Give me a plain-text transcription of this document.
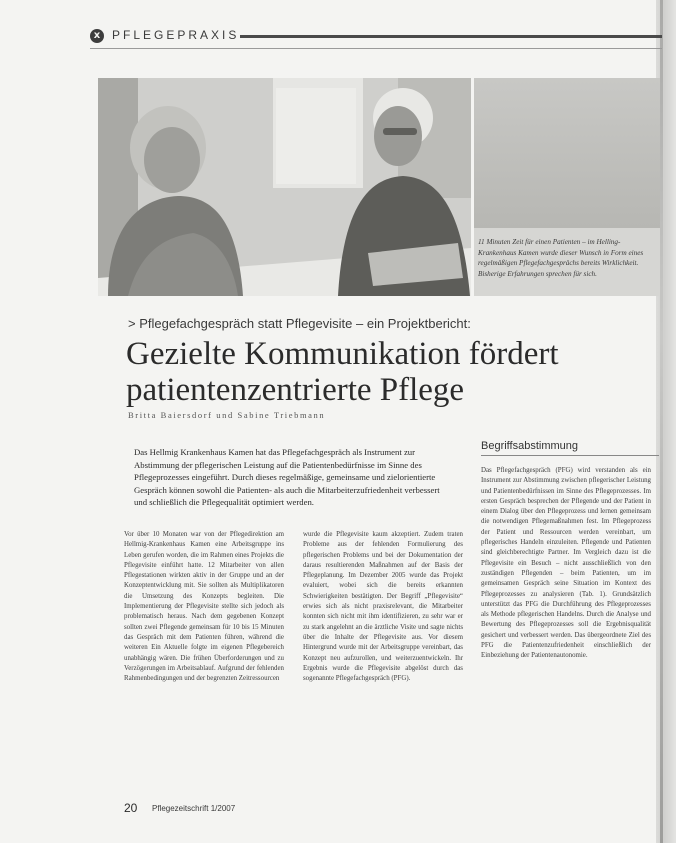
x PFLEGEPRAXIS
11 Minuten Zeit für einen Patienten – im Helling-Krankenhaus Kamen wurde dieser Wunsch in Form eines regelmäßigen Pflegefachgesprächs bereits Wirklichkeit. Bisherige Erfahrungen sprechen für sich.
> Pflegefachgespräch statt Pflegevisite – ein Projektbericht:
Gezielte Kommunikation fördert patientenzentrierte Pflege
Britta Baiersdorf und Sabine Triebmann
Das Hellmig Krankenhaus Kamen hat das Pflegefachgespräch als Instrument zur Abstimmung der pflegerischen Leistung auf die Patientenbedürfnisse im Sinne des Pflegeprozesses eingeführt. Durch dieses regelmäßige, gemeinsame und zielorientierte Gespräch können sowohl die Patienten- als auch die Mitarbeiterzufriedenheit verbessert und schließlich die Pflegequalität optimiert werden.
Vor über 10 Monaten war von der Pflegedirektion am Hellmig-Krankenhaus Kamen eine Arbeitsgruppe ins Leben gerufen worden, die im Rahmen eines Projekts die Pflegevisite einführt hatte. 12 Mitarbeiter von allen Pflegestationen wirkten aktiv in der Gruppe und an der Konzeptentwicklung mit. Sie sollten als Multiplikatoren die Umsetzung des Konzepts begleiten. Die Implementierung der Pflegevisite stellte sich jedoch als problematisch heraus. Nach dem gegebenen Konzept sollten zwei Pflegende gemeinsam für 10 bis 15 Minuten das Gespräch mit dem Patienten führen, während die weiteren Ein Aktuelle folgte im eigenen Pflegebereich unabhängig wären. Die frühen Überforderungen und zu Verzögerungen im Arbeitsablauf. Aufgrund der fehlenden Rahmenbedingungen und der begrenzten Zeitressourcen
wurde die Pflegevisite kaum akzeptiert. Zudem traten Probleme aus der fehlenden Formulierung des pflegerischen Problems und bei der Dokumentation der daraus resultierenden Maßnahmen auf der Basis der Pflegeplanung. Im Dezember 2005 wurde das Projekt evaluiert, wobei sich die bereits erkannten Schwierigkeiten bestätigten. Der Begriff „Pflegevisite“ erwies sich als nicht praxisrelevant, die Mitarbeiter konnten sich nicht mit ihm identifizieren, zu sehr war er zu stark angelehnt an die ärztliche Visite und sagte nichts über die Inhalte der Pflegevisite aus. Vor diesem Hintergrund wurde mit der Arbeitsgruppe vereinbart, das Konzept neu aufzurollen, und weiterzuentwickeln. Ihr Ergebnis wurde die Pflegevisite abgelöst durch das sogenannte Pflegefachgespräch (PFG).
Begriffsabstimmung
Das Pflegefachgespräch (PFG) wird verstanden als ein Instrument zur Abstimmung zwischen pflegerischer Leistung und Patientenbedürfnissen im Sinne des Pflegeprozesses. Im ersten Gespräch besprechen der Pflegende und der Patient in einem Dialog über den Pflegeprozess und lernen gemeinsam die notwendigen Pflegemaßnahmen fest. Im Pflegeprozess der Patient und Ressourcen werden vereinbart, um pflegerisches Handeln einzuleiten. Pflegende und Patienten sind gleichberechtigte Partner. Im Vergleich dazu ist die Pflegevisite ein Besuch – nicht ausschließlich von den zuständigen Pflegenden – beim Patienten, um im gemeinsamen Gespräch seine Situation im Kontext des Pflegeprozesses zu analysieren (Tab. 1). Grundsätzlich unterstützt das PFG die Durchführung des Pflegeprozesses als Methode pflegerischen Handelns. Durch die Analyse und Bewertung des Pflegeprozesses soll die Ergebnisqualität gesichert und verbessert werden. Das übergeordnete Ziel des PFG die Patientenzufriedenheit einschließlich der Einbeziehung der Patientenautonomie.
20 Pflegezeitschrift 1/2007
